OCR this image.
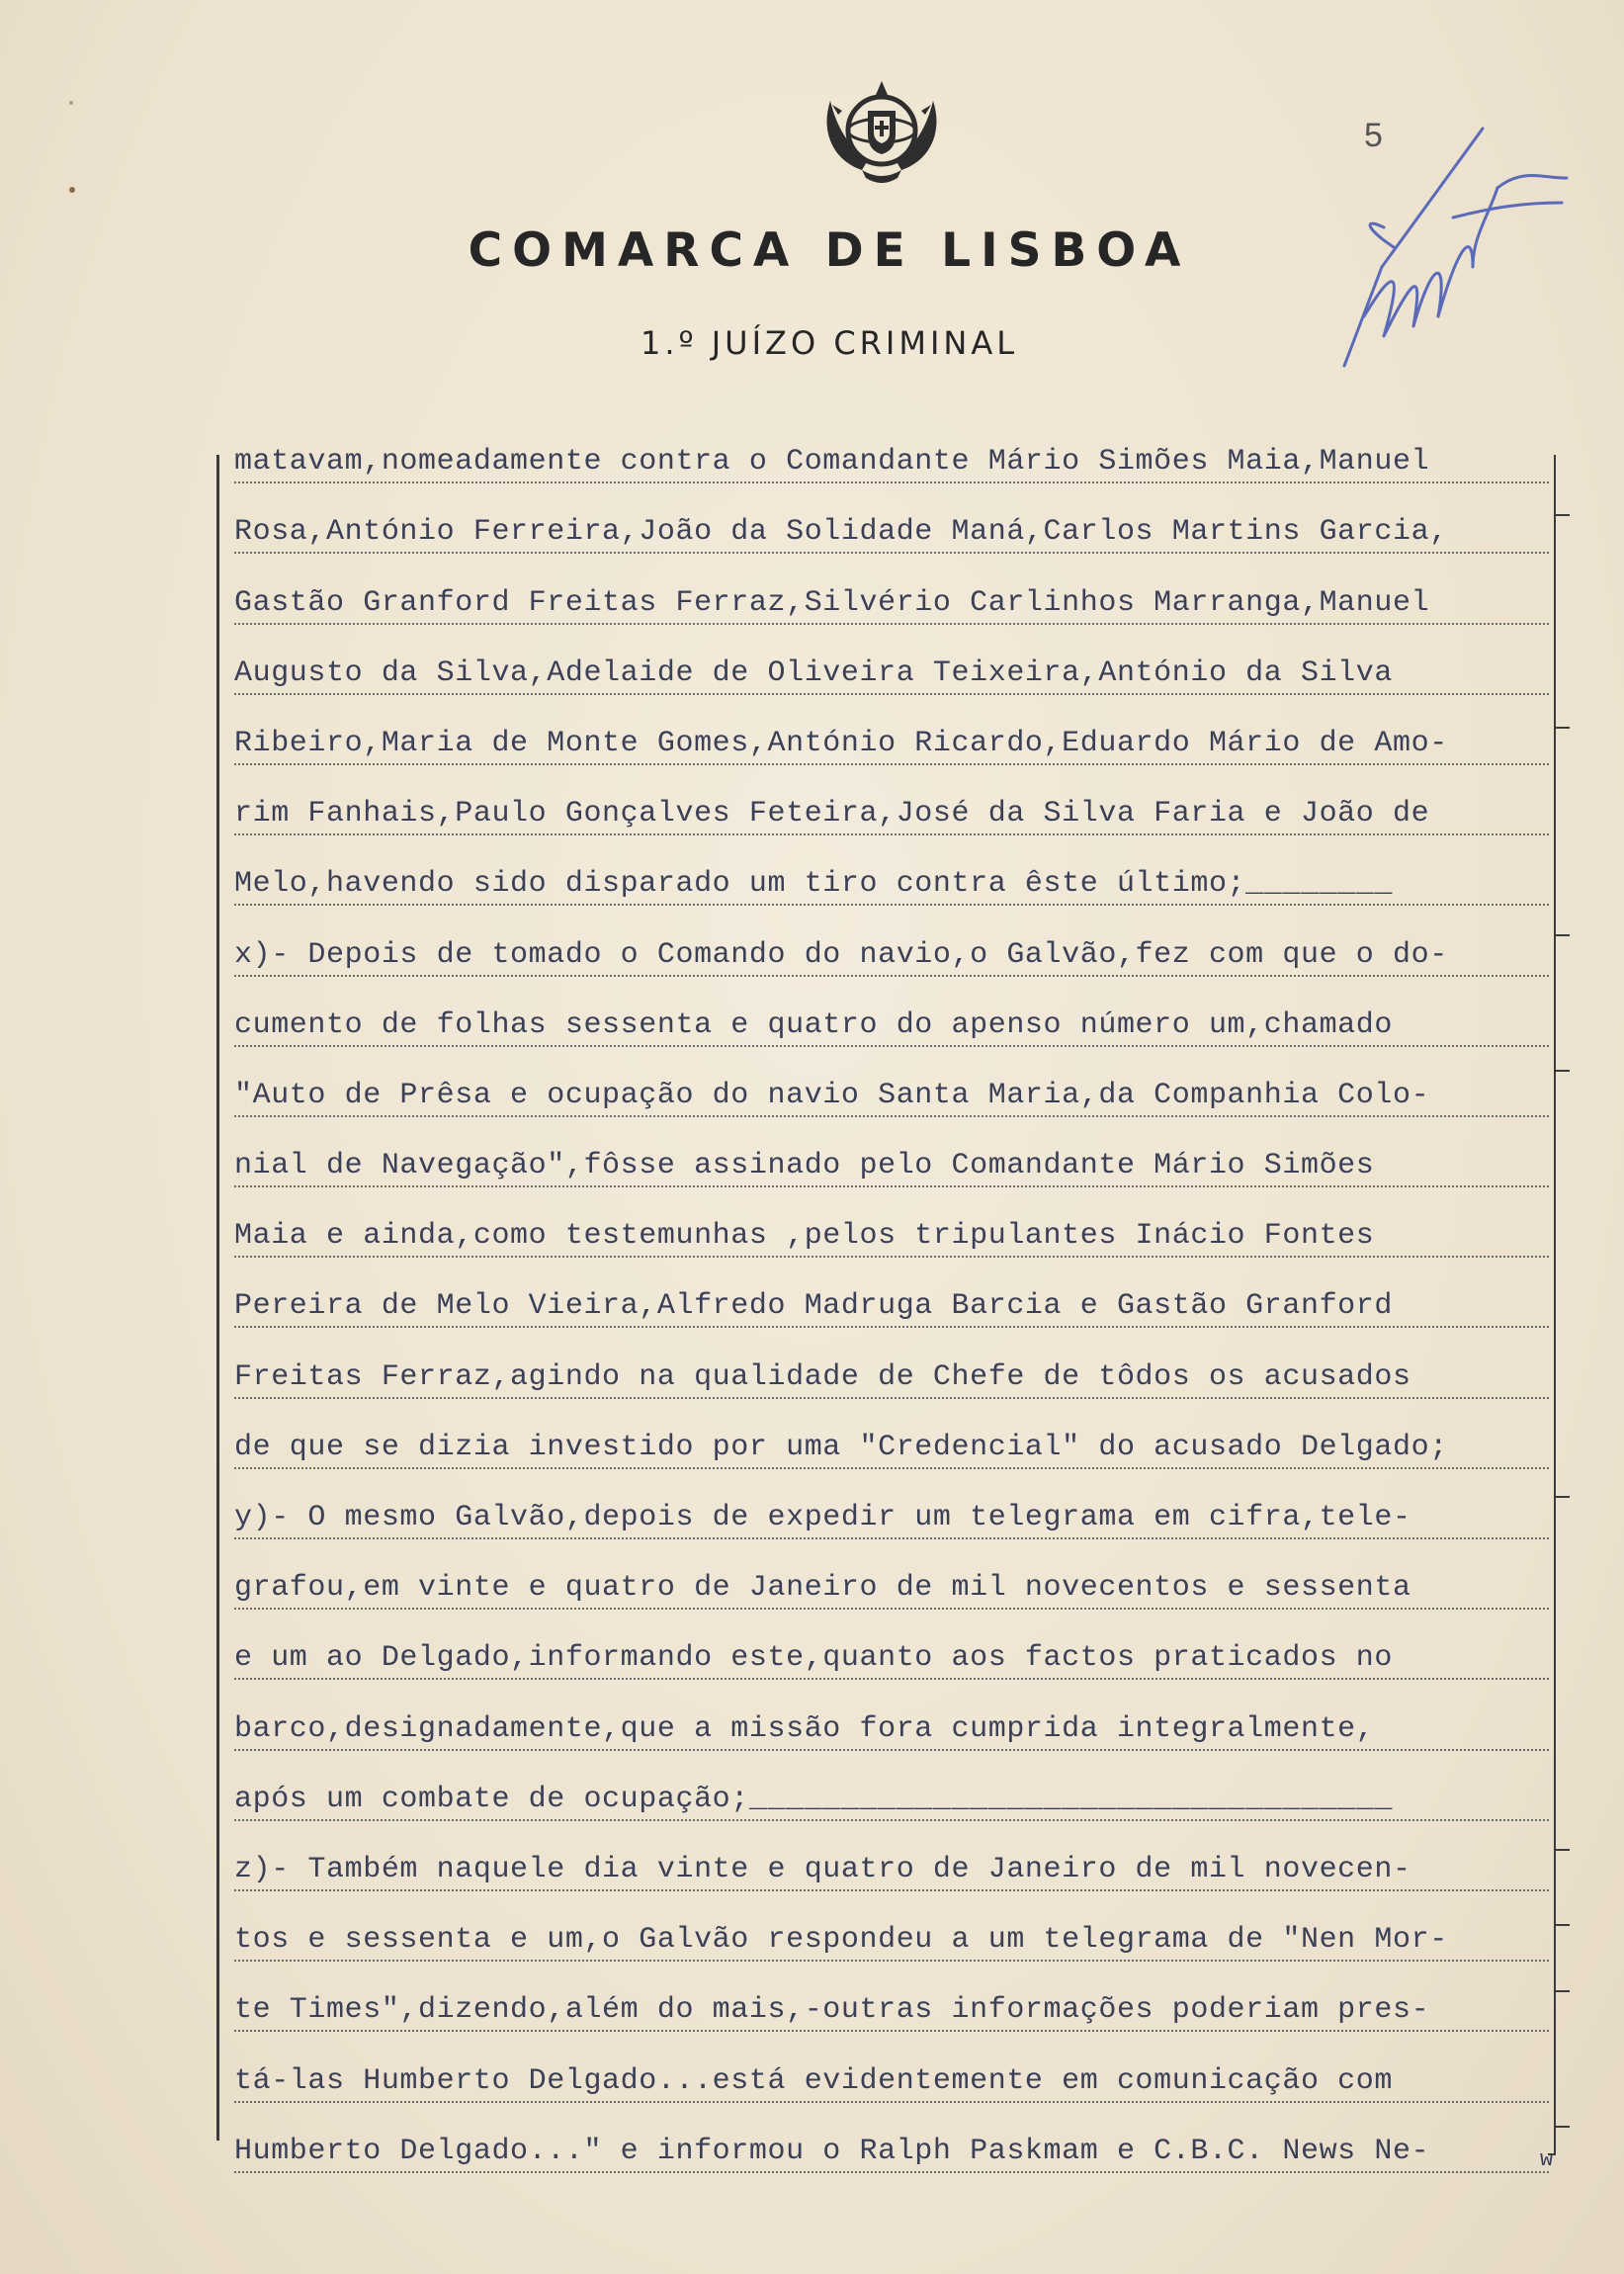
5
COMARCA DE LISBOA
1.º JUÍZO CRIMINAL
matavam,nomeadamente contra o Comandante Mário Simões Maia,Manuel
Rosa,António Ferreira,João da Solidade Maná,Carlos Martins Garcia,
Gastão Granford Freitas Ferraz,Silvério Carlinhos Marranga,Manuel
Augusto da Silva,Adelaide de Oliveira Teixeira,António da Silva
Ribeiro,Maria de Monte Gomes,António Ricardo,Eduardo Mário de Amo-
rim Fanhais,Paulo Gonçalves Feteira,José da Silva Faria e João de
Melo,havendo sido disparado um tiro contra êste último;________
x)- Depois de tomado o Comando do navio,o Galvão,fez com que o do-
cumento de folhas sessenta e quatro do apenso número um,chamado
"Auto de Prêsa e ocupação do navio Santa Maria,da Companhia Colo-
nial de Navegação",fôsse assinado pelo Comandante Mário Simões
Maia e ainda,como testemunhas ,pelos tripulantes Inácio Fontes
Pereira de Melo Vieira,Alfredo Madruga Barcia e Gastão Granford
Freitas Ferraz,agindo na qualidade de Chefe de tôdos os acusados
de que se dizia investido por uma "Credencial" do acusado Delgado;
y)- O mesmo Galvão,depois de expedir um telegrama em cifra,tele-
grafou,em vinte e quatro de Janeiro de mil novecentos e sessenta
e um ao Delgado,informando este,quanto aos factos praticados no
barco,designadamente,que a missão fora cumprida integralmente,
após um combate de ocupação;___________________________________
z)- Também naquele dia vinte e quatro de Janeiro de mil novecen-
tos e sessenta e um,o Galvão respondeu a um telegrama de "Nen Mor-
te Times",dizendo,além do mais,-outras informações poderiam pres-
tá-las Humberto Delgado...está evidentemente em comunicação com
Humberto Delgado..." e informou o Ralph Paskmam e C.B.C. News Ne-	w
